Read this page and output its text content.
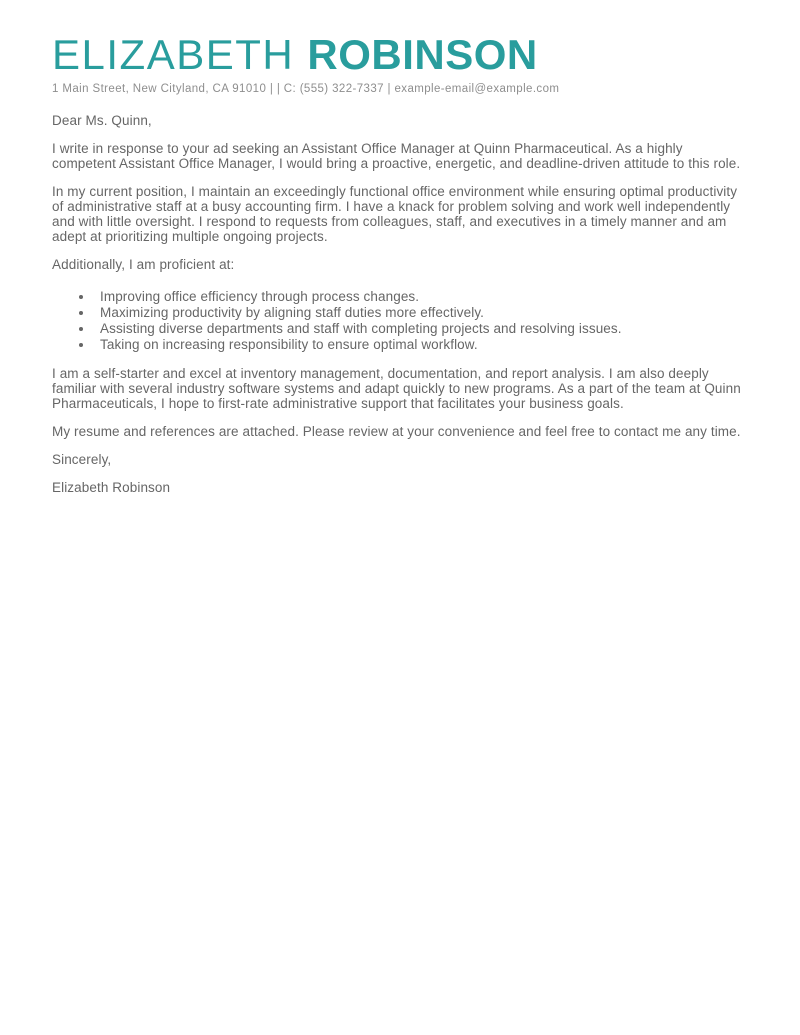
ELIZABETH ROBINSON
1 Main Street, New Cityland, CA 91010 | | C: (555) 322-7337 | example-email@example.com

Dear Ms. Quinn,

I write in response to your ad seeking an Assistant Office Manager at Quinn Pharmaceutical. As a highly competent Assistant Office Manager, I would bring a proactive, energetic, and deadline-driven attitude to this role.

In my current position, I maintain an exceedingly functional office environment while ensuring optimal productivity of administrative staff at a busy accounting firm. I have a knack for problem solving and work well independently and with little oversight. I respond to requests from colleagues, staff, and executives in a timely manner and am adept at prioritizing multiple ongoing projects.

Additionally, I am proficient at:

• Improving office efficiency through process changes.
• Maximizing productivity by aligning staff duties more effectively.
• Assisting diverse departments and staff with completing projects and resolving issues.
• Taking on increasing responsibility to ensure optimal workflow.

I am a self-starter and excel at inventory management, documentation, and report analysis. I am also deeply familiar with several industry software systems and adapt quickly to new programs. As a part of the team at Quinn Pharmaceuticals, I hope to first-rate administrative support that facilitates your business goals.

My resume and references are attached. Please review at your convenience and feel free to contact me any time.

Sincerely,

Elizabeth Robinson
